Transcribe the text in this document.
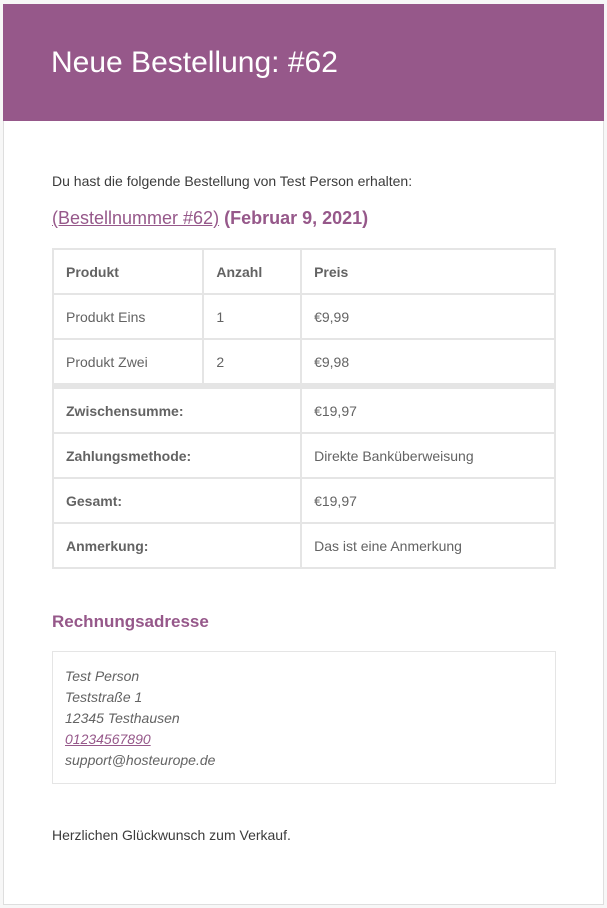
Neue Bestellung: #62

Du hast die folgende Bestellung von Test Person erhalten:

(Bestellnummer #62) (Februar 9, 2021)
Produkt	Anzahl	Preis
Produkt Eins	1	€9,99
Produkt Zwei	2	€9,98
Zwischensumme:		€19,97
Zahlungsmethode:		Direkte Banküberweisung
Gesamt:		€19,97
Anmerkung:		Das ist eine Anmerkung
Rechnungsadresse
Test Person
Teststraße 1
12345 Testhausen
01234567890
support@hosteurope.de

Herzlichen Glückwunsch zum Verkauf.
